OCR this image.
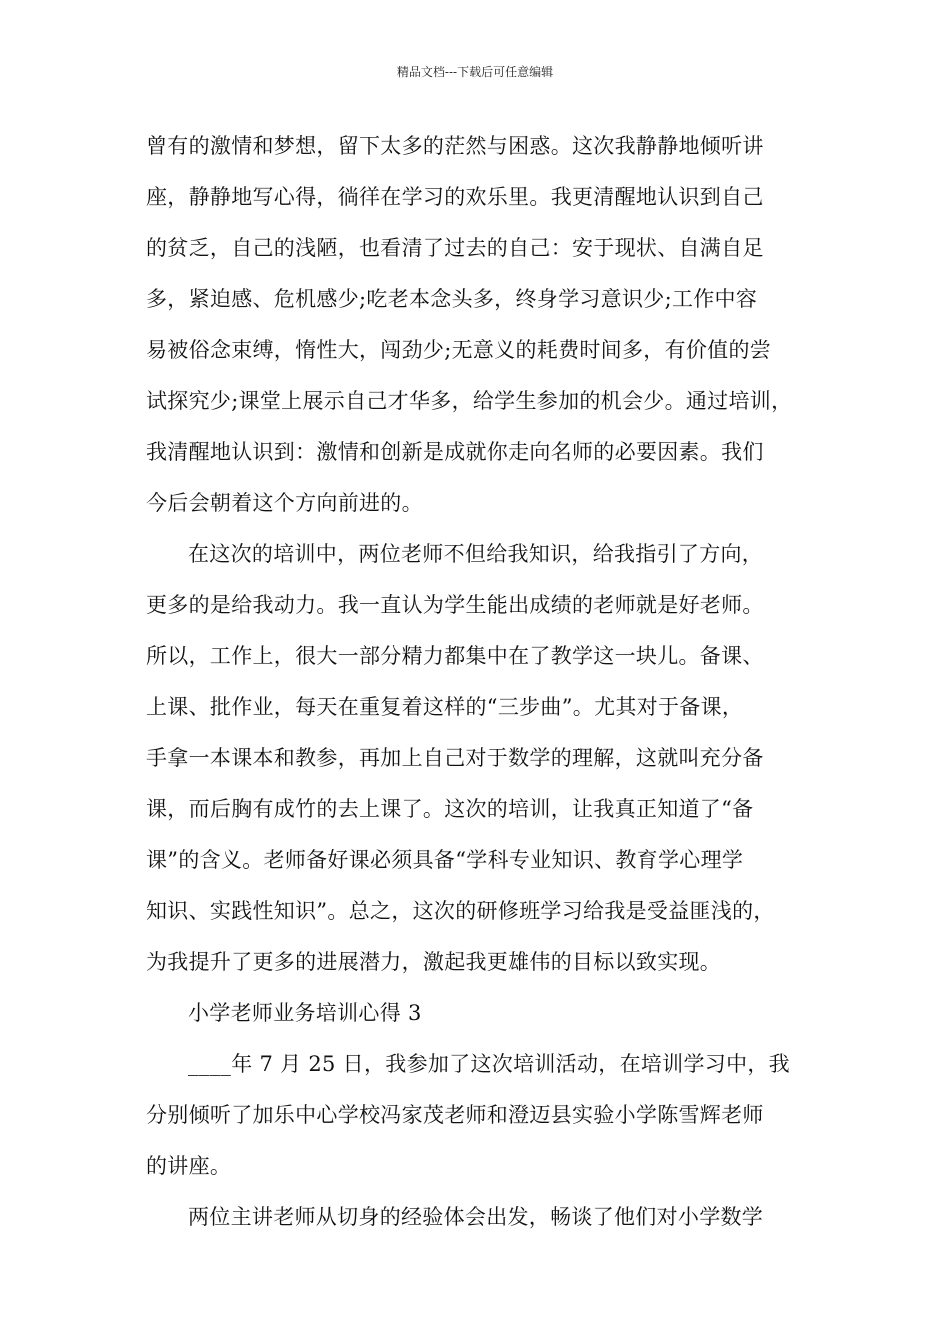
精品文档---下载后可任意编辑
曾有的激情和梦想，留下太多的茫然与困惑。这次我静静地倾听讲
座，静静地写心得，徜徉在学习的欢乐里。我更清醒地认识到自己
的贫乏，自己的浅陋，也看清了过去的自己：安于现状、自满自足
多，紧迫感、危机感少;吃老本念头多，终身学习意识少;工作中容
易被俗念束缚，惰性大，闯劲少;无意义的耗费时间多，有价值的尝
试探究少;课堂上展示自己才华多，给学生参加的机会少。通过培训，
我清醒地认识到：激情和创新是成就你走向名师的必要因素。我们
今后会朝着这个方向前进的。
在这次的培训中，两位老师不但给我知识，给我指引了方向，
更多的是给我动力。我一直认为学生能出成绩的老师就是好老师。
所以，工作上，很大一部分精力都集中在了教学这一块儿。备课、
上课、批作业，每天在重复着这样的“三步曲”。尤其对于备课，
手拿一本课本和教参，再加上自己对于数学的理解，这就叫充分备
课，而后胸有成竹的去上课了。这次的培训，让我真正知道了“备
课”的含义。老师备好课必须具备“学科专业知识、教育学心理学
知识、实践性知识”。总之，这次的研修班学习给我是受益匪浅的，
为我提升了更多的进展潜力，激起我更雄伟的目标以致实现。
小学老师业务培训心得 3
____年 7 月 25 日，我参加了这次培训活动，在培训学习中，我
分别倾听了加乐中心学校冯家茂老师和澄迈县实验小学陈雪辉老师
的讲座。
两位主讲老师从切身的经验体会出发，畅谈了他们对小学数学
